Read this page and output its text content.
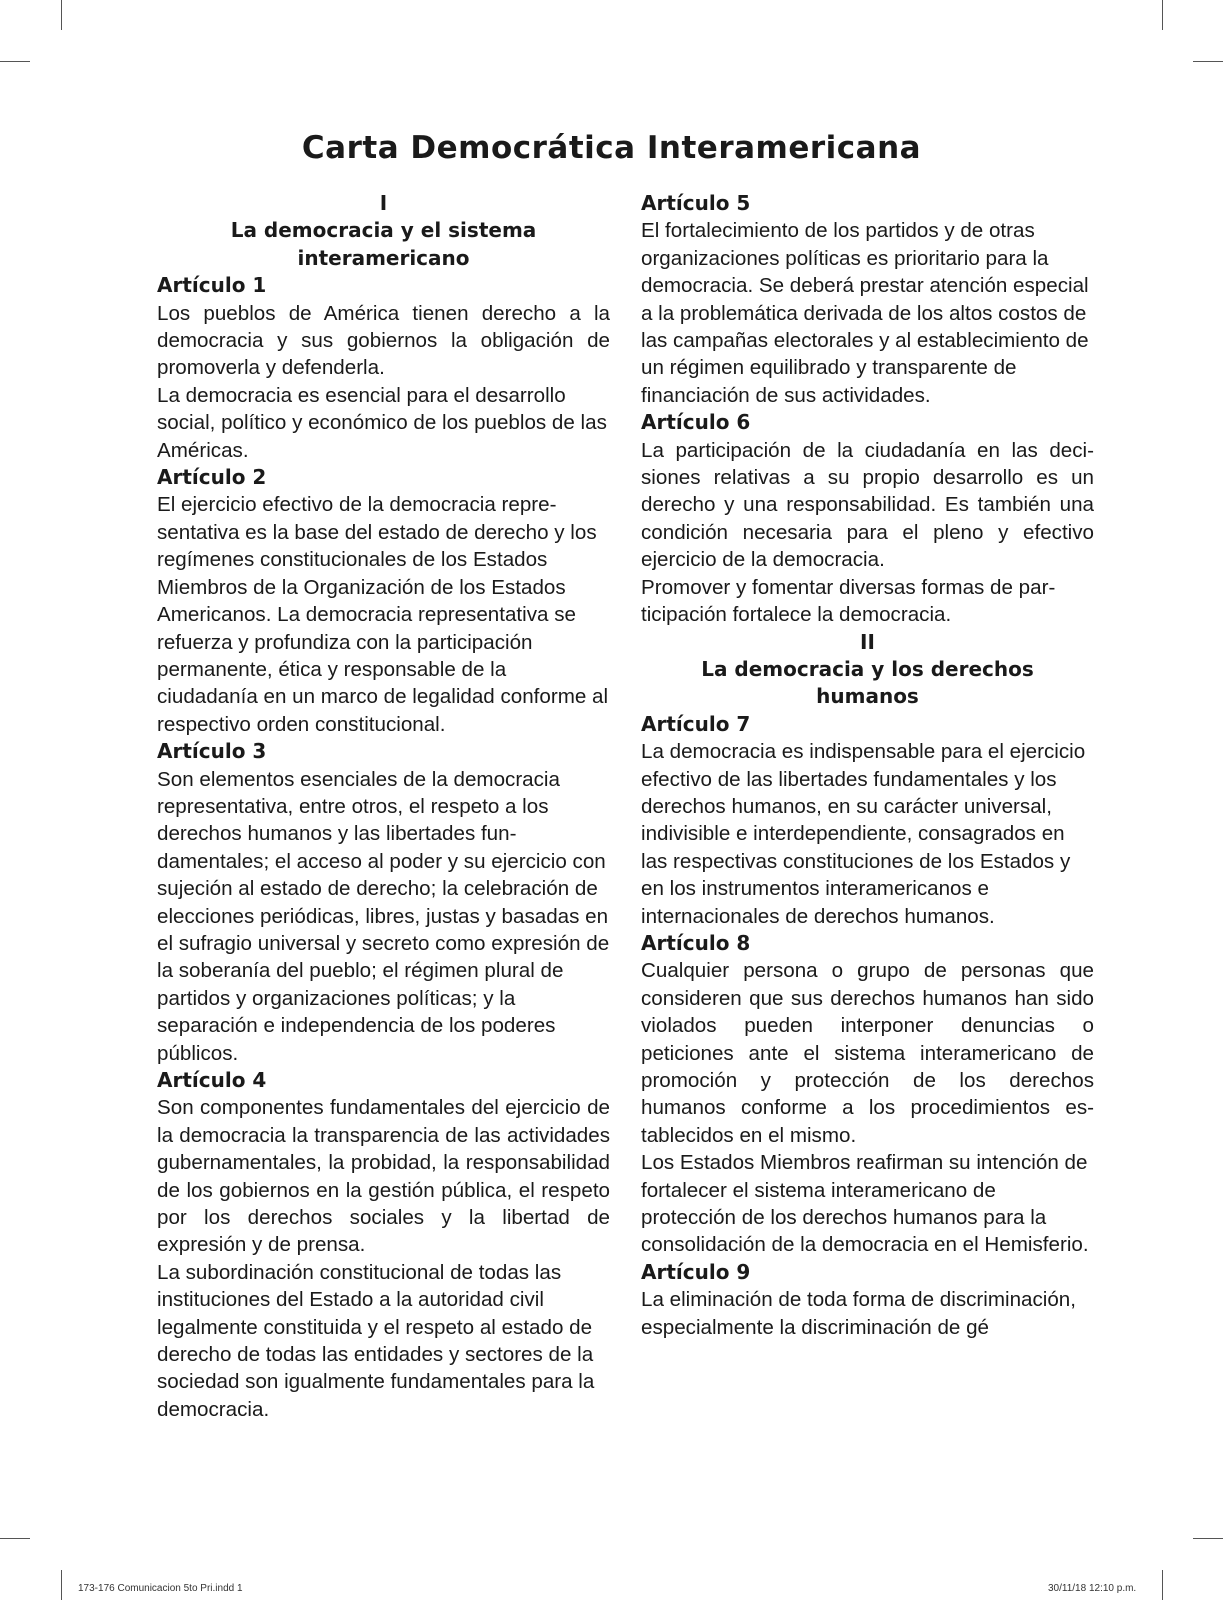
Carta Democrática Interamericana
I
La democracia y el sistema interamericano
Artículo 1

Los pueblos de América tienen derecho a la democracia y sus gobiernos la obligación de promoverla y defenderla.

La democracia es esencial para el desarrollo social, político y económico de los pueblos de las Américas.

Artículo 2

El ejercicio efectivo de la democracia representativa es la base del estado de derecho y los regímenes constitucionales de los Estados Miembros de la Organización de los Estados Americanos. La democracia representativa se refuerza y profundiza con la participación permanente, ética y responsable de la ciudadanía en un marco de legalidad conforme al respectivo orden constitucional.

Artículo 3

Son elementos esenciales de la democracia representativa, entre otros, el respeto a los derechos humanos y las libertades fundamentales; el acceso al poder y su ejercicio con sujeción al estado de derecho; la celebración de elecciones periódicas, libres, justas y basadas en el sufragio universal y secreto como expresión de la soberanía del pueblo; el régimen plural de partidos y organizaciones políticas; y la separación e independencia de los poderes públicos.

Artículo 4

Son componentes fundamentales del ejercicio de la democracia la transparencia de las actividades gubernamentales, la probidad, la responsabilidad de los gobiernos en la gestión pública, el respeto por los derechos sociales y la libertad de expresión y de prensa.

La subordinación constitucional de todas las instituciones del Estado a la autoridad civil legalmente constituida y el respeto al estado de derecho de todas las entidades y sectores de la sociedad son igualmente fundamentales para la democracia.

Artículo 5

El fortalecimiento de los partidos y de otras organizaciones políticas es prioritario para la democracia. Se deberá prestar atención especial a la problemática derivada de los altos costos de las campañas electorales y al establecimiento de un régimen equilibrado y transparente de financiación de sus actividades.

Artículo 6

La participación de la ciudadanía en las decisiones relativas a su propio desarrollo es un derecho y una responsabilidad. Es también una condición necesaria para el pleno y efectivo ejercicio de la democracia.

Promover y fomentar diversas formas de participación fortalece la democracia.

II
La democracia y los derechos humanos
Artículo 7

La democracia es indispensable para el ejercicio efectivo de las libertades fundamentales y los derechos humanos, en su carácter universal, indivisible e interdependiente, consagrados en las respectivas constituciones de los Estados y en los instrumentos interamericanos e internacionales de derechos humanos.

Artículo 8

Cualquier persona o grupo de personas que consideren que sus derechos humanos han sido violados pueden interponer denuncias o peticiones ante el sistema interamericano de promoción y protección de los derechos humanos conforme a los procedimientos establecidos en el mismo.

Los Estados Miembros reafirman su intención de fortalecer el sistema interamericano de protección de los derechos humanos para la consolidación de la democracia en el Hemisferio.

Artículo 9

La eliminación de toda forma de discriminación, especialmente la discriminación de gé

173-176 Comunicacion 5to Pri.indd 1	30/11/18 12:10 p.m.
